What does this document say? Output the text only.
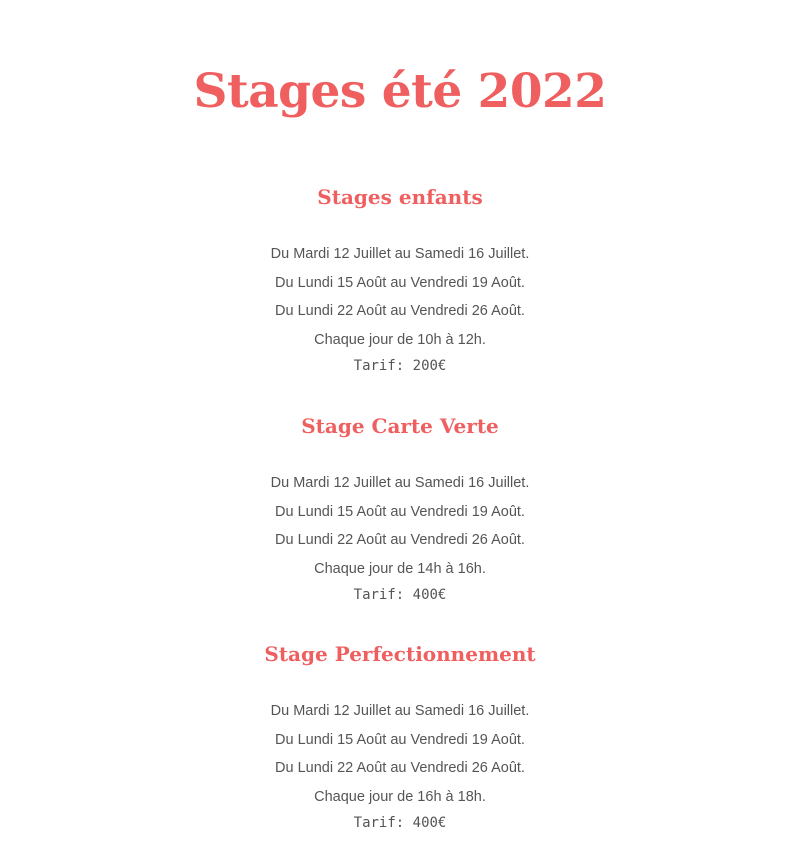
Stages été 2022
Stages enfants

Du Mardi 12 Juillet au Samedi 16 Juillet.

Du Lundi 15 Août au Vendredi 19 Août.

Du Lundi 22 Août au Vendredi 26 Août.

Chaque jour de 10h à 12h.

Tarif: 200€

Stage Carte Verte

Du Mardi 12 Juillet au Samedi 16 Juillet.

Du Lundi 15 Août au Vendredi 19 Août.

Du Lundi 22 Août au Vendredi 26 Août.

Chaque jour de 14h à 16h.

Tarif: 400€

Stage Perfectionnement

Du Mardi 12 Juillet au Samedi 16 Juillet.

Du Lundi 15 Août au Vendredi 19 Août.

Du Lundi 22 Août au Vendredi 26 Août.

Chaque jour de 16h à 18h.

Tarif: 400€
